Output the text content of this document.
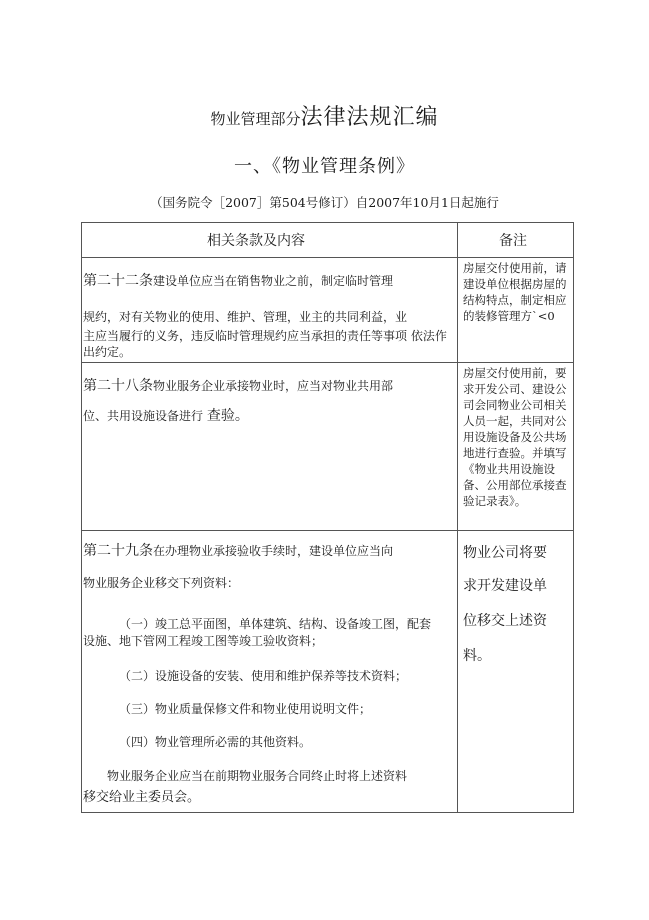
物业管理部分法律法规汇编
一、《物业管理条例》
（国务院令［2007］第504号修订）自2007年10月1日起施行
相关条款及内容	备注
第二十二条建设单位应当在销售物业之前，制定临时管理
规约，对有关物业的使用、维护、管理，业主的共同利益，业
主应当履行的义务，违反临时管理规约应当承担的责任等事项 依法作
出约定。
房屋交付使用前，请建设单位根据房屋的结构特点，制定相应的装修管理方`<0
第二十八条物业服务企业承接物业时，应当对物业共用部
位、共用设施设备进行 查验。
房屋交付使用前，要求开发公司、建设公司会同物业公司相关人员一起，共同对公用设施设备及公共场地进行查验。并填写《物业共用设施设备、公用部位承接查验记录表》。
第二十九条在办理物业承接验收手续时，建设单位应当向
物业服务企业移交下列资料：
（一）竣工总平面图，单体建筑、结构、设备竣工图，配套
设施、地下管网工程竣工图等竣工验收资料；
（二）设施设备的安装、使用和维护保养等技术资料；
（三）物业质量保修文件和物业使用说明文件；
（四）物业管理所必需的其他资料。
物业服务企业应当在前期物业服务合同终止时将上述资料
移交给业主委员会。
物业公司将要
求开发建设单
位移交上述资
料。
